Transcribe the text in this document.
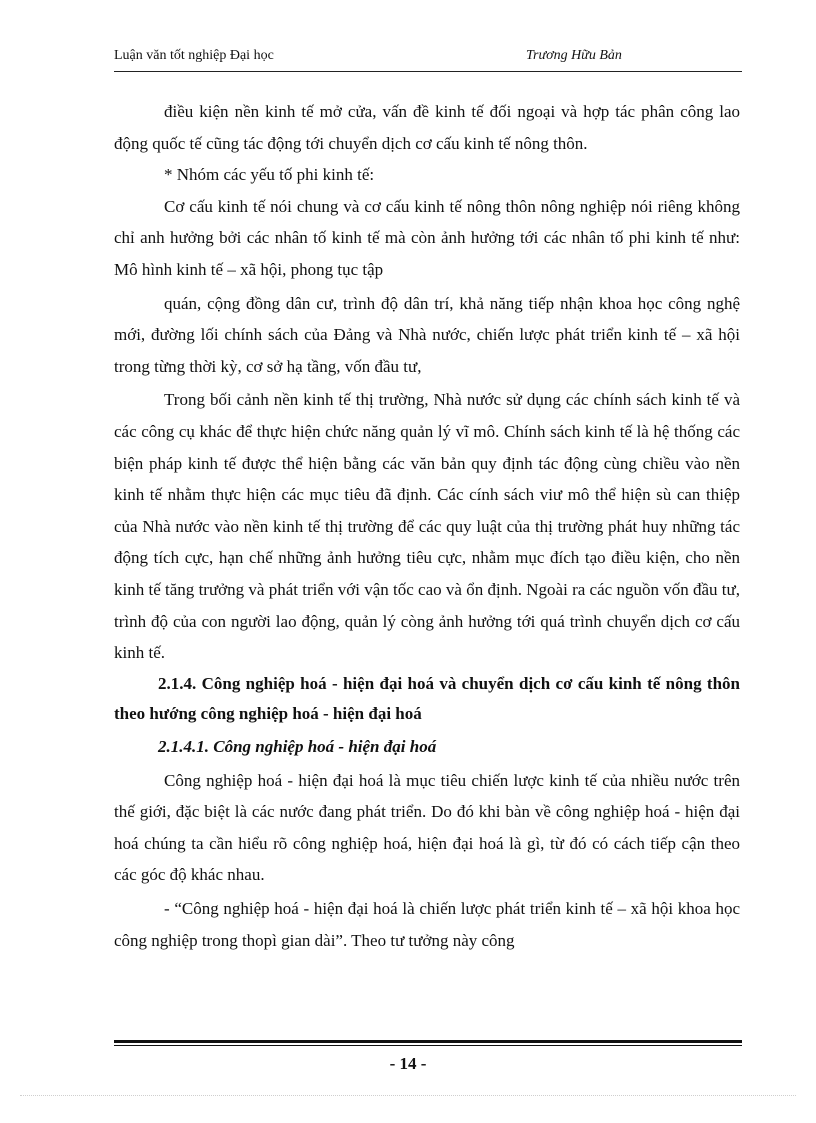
Luận văn tốt nghiệp Đại học	Trương Hữu Bản

điều kiện nền kinh tế mở cửa, vấn đề kinh tế đối ngoại và hợp tác phân công lao động quốc tế cũng tác động tới chuyển dịch cơ cấu kinh tế nông thôn.

* Nhóm các yếu tố phi kinh tế:

Cơ cấu kinh tế nói chung và cơ cấu kinh tế nông thôn nông nghiệp nói riêng không chỉ anh hưởng bởi các nhân tố kinh tế mà còn ảnh hưởng tới các nhân tố phi kinh tế như: Mô hình kinh tế – xã hội, phong tục tập

quán, cộng đồng dân cư, trình độ dân trí, khả năng tiếp nhận khoa học công nghệ mới, đường lối chính sách của Đảng và Nhà nước, chiến lược phát triển kinh tế – xã hội trong từng thời kỳ, cơ sở hạ tầng, vốn đầu tư,

Trong bối cảnh nền kinh tế thị trường, Nhà nước sử dụng các chính sách kinh tế và các công cụ khác để thực hiện chức năng quản lý vĩ mô. Chính sách kinh tế là hệ thống các biện pháp kinh tế được thể hiện bằng các văn bản quy định tác động cùng chiều vào nền kinh tế nhằm thực hiện các mục tiêu đã định. Các cính sách viư mô thể hiện sù can thiệp của Nhà nước vào nền kinh tế thị trường để các quy luật của thị trường phát huy những tác động tích cực, hạn chế những ảnh hưởng tiêu cực, nhằm mục đích tạo điều kiện, cho nền kinh tế tăng trưởng và phát triển với vận tốc cao và ổn định. Ngoài ra các nguồn vốn đầu tư, trình độ của con người lao động, quản lý còng ảnh hưởng tới quá trình chuyển dịch cơ cấu kinh tế.

2.1.4. Công nghiệp hoá - hiện đại hoá và chuyển dịch cơ cấu kinh tế nông thôn theo hướng công nghiệp hoá - hiện đại hoá

2.1.4.1. Công nghiệp hoá - hiện đại hoá

Công nghiệp hoá - hiện đại hoá là mục tiêu chiến lược kinh tế của nhiều nước trên thế giới, đặc biệt là các nước đang phát triển. Do đó khi bàn về công nghiệp hoá - hiện đại hoá chúng ta cần hiểu rõ công nghiệp hoá, hiện đại hoá là gì, từ đó có cách tiếp cận theo các góc độ khác nhau.

- “Công nghiệp hoá - hiện đại hoá là chiến lược phát triển kinh tế – xã hội khoa học công nghiệp trong thopì gian dài”. Theo tư tưởng này công

- 14 -
